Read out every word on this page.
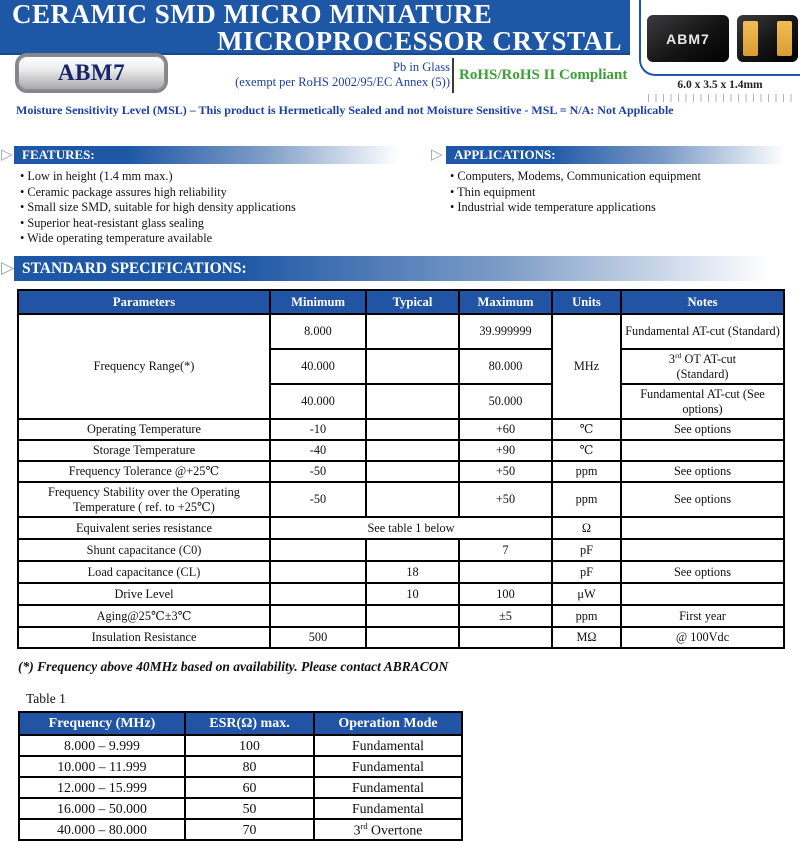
CERAMIC SMD MICRO MINIATURE
MICROPROCESSOR CRYSTAL	ABM7
6.0 x 3.5 x 1.4mm
ABM7	Pb in Glass
(exempt per RoHS 2002/95/EC Annex (5)) RoHS/RoHS II Compliant
Moisture Sensitivity Level (MSL) – This product is Hermetically Sealed and not Moisture Sensitive - MSL = N/A: Not Applicable
▷ FEATURES:
• Low in height (1.4 mm max.)
• Ceramic package assures high reliability
• Small size SMD, suitable for high density applications
• Superior heat-resistant glass sealing
• Wide operating temperature available
▷ APPLICATIONS:
• Computers, Modems, Communication equipment
• Thin equipment
• Industrial wide temperature applications
▷ STANDARD SPECIFICATIONS:
Parameters	Minimum	Typical	Maximum	Units	Notes
Frequency Range(*)	8.000		39.999999	MHz	Fundamental AT-cut (Standard)
	40.000		80.000		3rd OT AT-cut
(Standard)

	40.000		50.000		Fundamental AT-cut (See options)
Operating Temperature	-10		+60	℃	See options
Storage Temperature	-40		+90	℃	
Frequency Tolerance @+25℃	-50		+50	ppm	See options
Frequency Stability over the Operating Temperature ( ref. to +25℃)	-50		+50	ppm	See options
Equivalent series resistance	See table 1 below			Ω	
Shunt capacitance (C0)			7	pF	
Load capacitance (CL)		18		pF	See options
Drive Level		10	100	μW	
Aging@25℃±3℃			±5	ppm	First year
Insulation Resistance	500			MΩ	@ 100Vdc
(*) Frequency above 40MHz based on availability. Please contact ABRACON
Table 1
Frequency (MHz)	ESR(Ω) max.	Operation Mode
8.000 – 9.999	100	Fundamental
10.000 – 11.999	80	Fundamental
12.000 – 15.999	60	Fundamental
16.000 – 50.000	50	Fundamental
40.000 – 80.000	70	3rd Overtone
